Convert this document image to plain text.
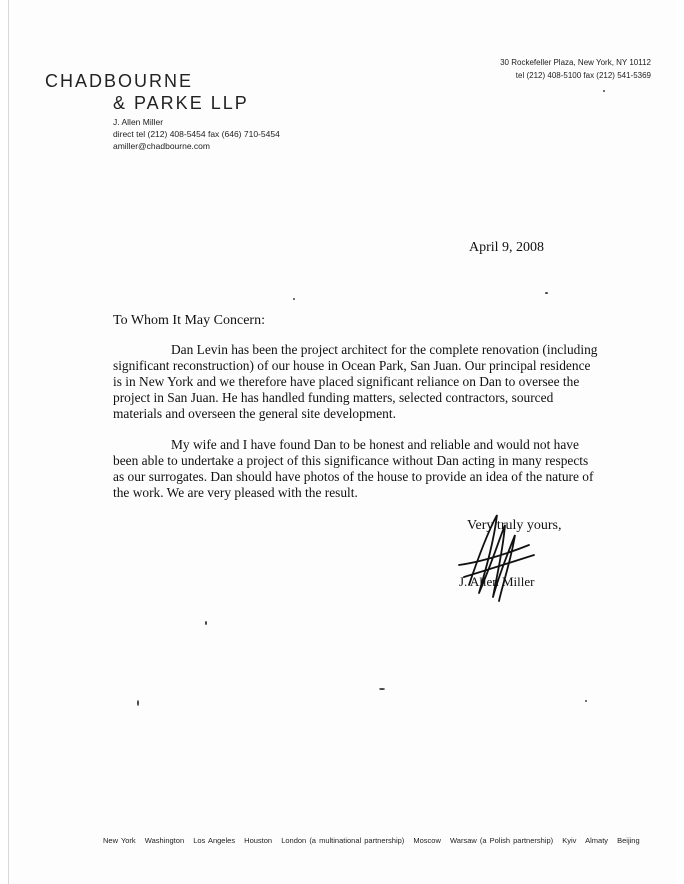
CHADBOURNE
& PARKE LLP
J. Allen Miller
direct tel (212) 408-5454 fax (646) 710-5454
amiller@chadbourne.com
30 Rockefeller Plaza, New York, NY 10112
tel (212) 408-5100 fax (212) 541-5369
April 9, 2008
To Whom It May Concern:

Dan Levin has been the project architect for the complete renovation (including significant reconstruction) of our house in Ocean Park, San Juan. Our principal residence is in New York and we therefore have placed significant reliance on Dan to oversee the project in San Juan. He has handled funding matters, selected contractors, sourced materials and overseen the general site development.

My wife and I have found Dan to be honest and reliable and would not have been able to undertake a project of this significance without Dan acting in many respects as our surrogates. Dan should have photos of the house to provide an idea of the nature of the work. We are very pleased with the result.

Very truly yours,
J. Allen Miller
New York Washington Los Angeles Houston London (a multinational partnership) Moscow Warsaw (a Polish partnership) Kyiv Almaty Beijing
